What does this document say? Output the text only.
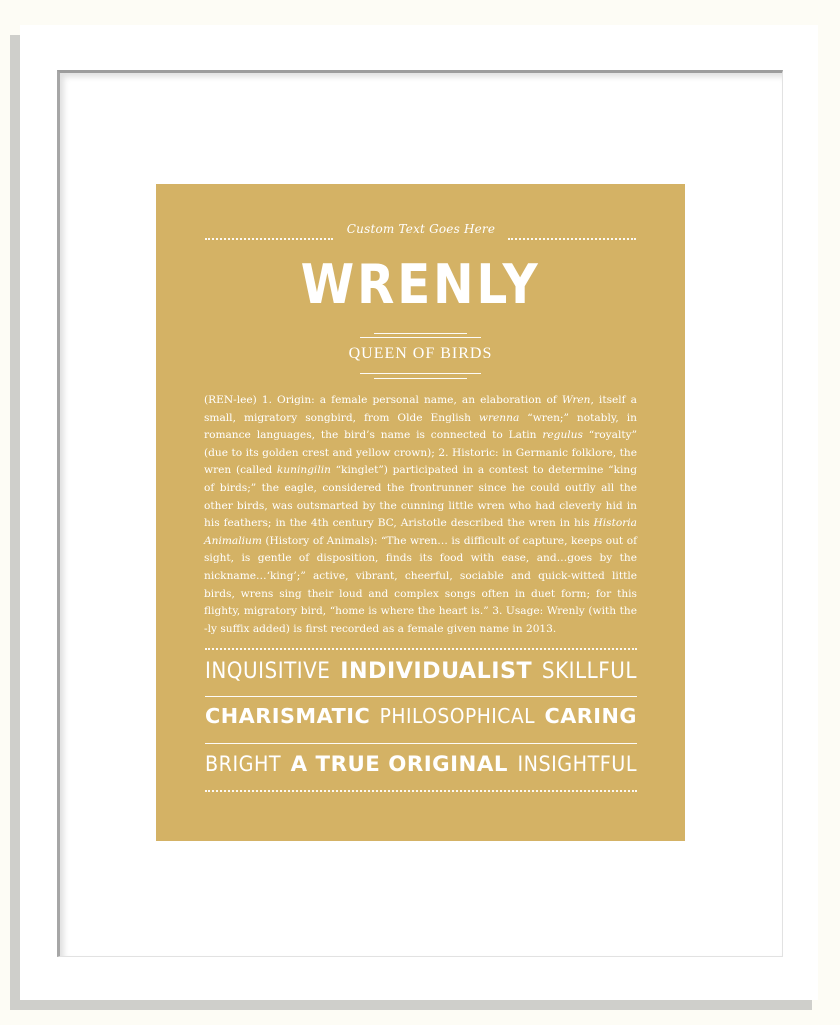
Custom Text Goes Here
WRENLY
QUEEN OF BIRDS
(REN-lee) 1. Origin: a female personal name, an elaboration of Wren, itself a small, migratory songbird, from Olde English wrenna “wren;” notably, in romance languages, the bird’s name is connected to Latin regulus “royalty” (due to its golden crest and yellow crown); 2. Historic: in Germanic folklore, the wren (called kuningilin “kinglet”) participated in a contest to determine “king of birds;” the eagle, considered the frontrunner since he could outfly all the other birds, was outsmarted by the cunning little wren who had cleverly hid in his feathers; in the 4th century BC, Aristotle described the wren in his Historia Animalium (History of Animals): “The wren… is difficult of capture, keeps out of sight, is gentle of disposition, finds its food with ease, and…goes by the nickname…‘king’;” active, vibrant, cheerful, sociable and quick-witted little birds, wrens sing their loud and complex songs often in duet form; for this flighty, migratory bird, “home is where the heart is.” 3. Usage: Wrenly (with the -ly suffix added) is first recorded as a female given name in 2013.
INQUISITIVE INDIVIDUALIST SKILLFUL
CHARISMATIC PHILOSOPHICAL CARING
BRIGHT A TRUE ORIGINAL INSIGHTFUL
